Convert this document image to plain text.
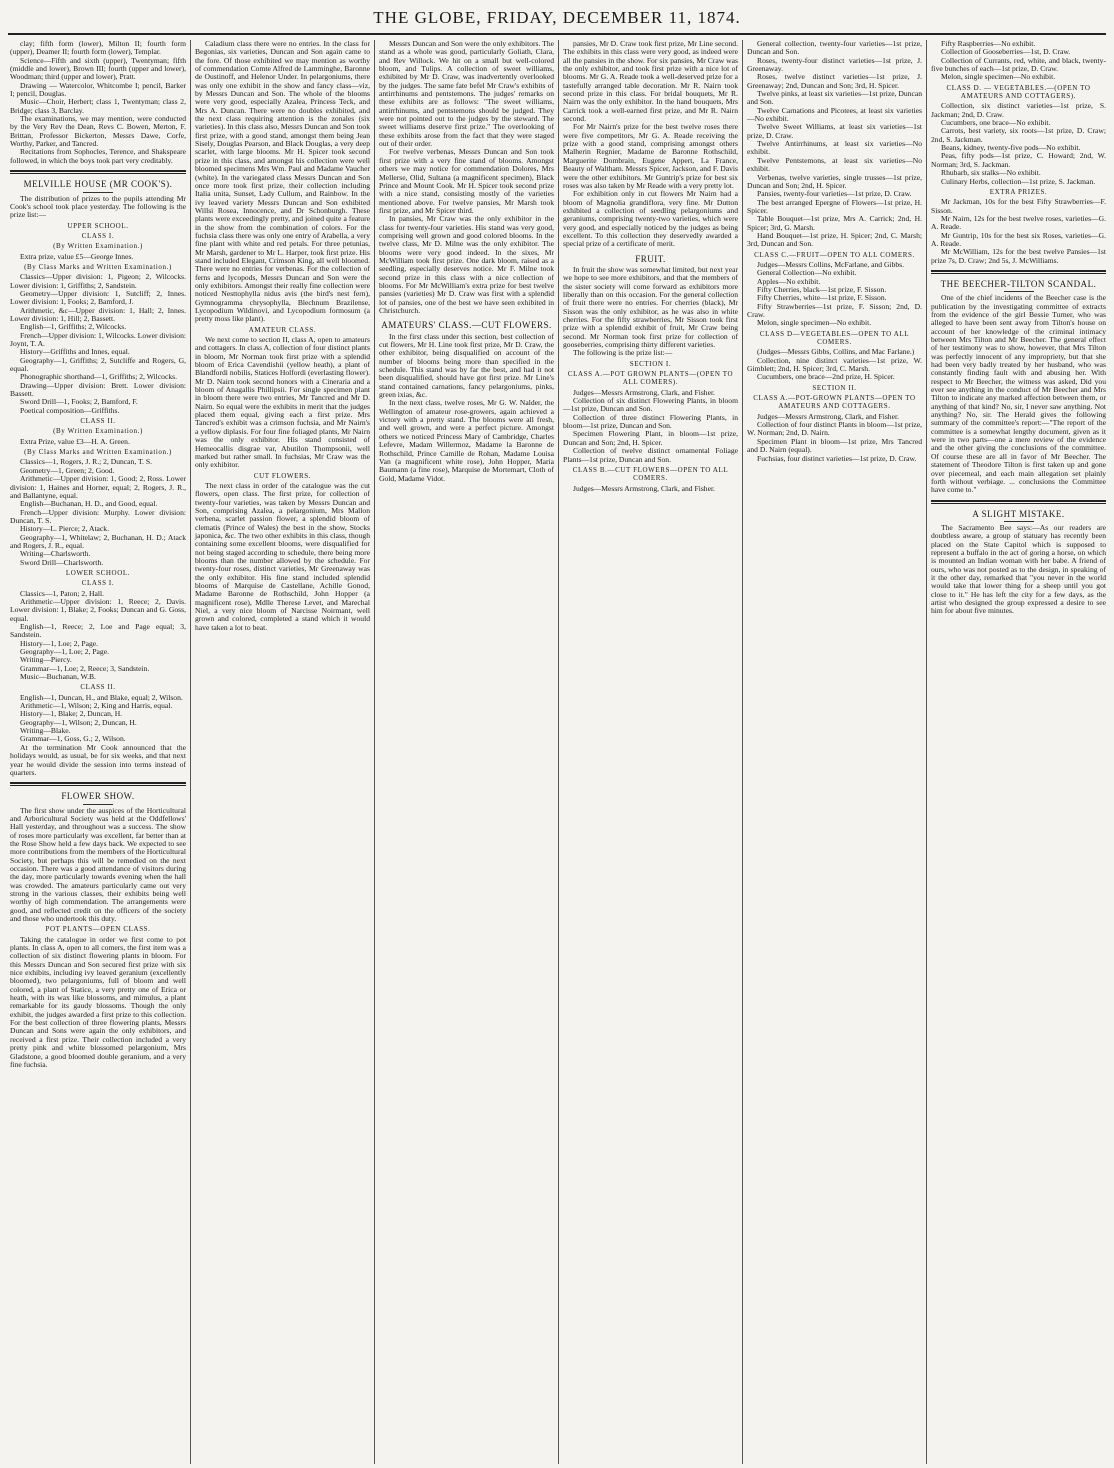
THE GLOBE, FRIDAY, DECEMBER 11, 1874.

clay; fifth form (lower), Milton II; fourth form (upper), Deamer II; fourth form (lower), Templar.

Science—Fifth and sixth (upper), Twentyman; fifth (middle and lower), Brown III; fourth (upper and lower), Woodman; third (upper and lower), Pratt.

Drawing — Watercolor, Whitcombe I; pencil, Barker I; pencil, Douglas.

Music—Choir, Herbert; class 1, Twentyman; class 2, Bridge; class 3, Barclay.

The examinations, we may mention, were conducted by the Very Rev the Dean, Revs C. Bowen, Merton, F. Brittan, Professor Bickerton, Messrs Dawe, Corfe, Worthy, Parker, and Tancred.

Recitations from Sophocles, Terence, and Shakspeare followed, in which the boys took part very creditably.

MELVILLE HOUSE (MR COOK'S).

The distribution of prizes to the pupils attending Mr Cook's school took place yesterday. The following is the prize list:—

UPPER SCHOOL.
CLASS I.
(By Written Examination.)

Extra prize, value £5—George Innes.

(By Class Marks and Written Examination.)

Classics—Upper division: 1, Pigeon; 2, Wilcocks. Lower division: 1, Griffiths; 2, Sandstein.

Geometry—Upper division: 1, Sutcliff; 2, Innes. Lower division: 1, Fooks; 2, Bamford, J.

Arithmetic, &c—Upper division: 1, Hall; 2, Innes. Lower division: 1, Hill; 2, Bassett.

English—1, Griffiths; 2, Wilcocks.

French—Upper division: 1, Wilcocks. Lower division: Joynt, T. A.

History—Griffiths and Innes, equal.

Geography—1, Griffiths; 2, Sutcliffe and Rogers, G, equal.

Phonographic shorthand—1, Griffiths; 2, Wilcocks.

Drawing—Upper division: Brett. Lower division: Bassett.

Sword Drill—1, Fooks; 2, Bamford, F.

Poetical composition—Griffiths.

CLASS II.
(By Written Examination.)

Extra Prize, value £3—H. A. Green.

(By Class Marks and Written Examination.)

Classics—1, Rogers, J. R.; 2, Duncan, T. S.

Geometry—1, Green; 2, Good.

Arithmetic—Upper division: 1, Good; 2, Ross. Lower division: 1, Haines and Horner, equal; 2, Rogers, J. R., and Ballantyne, equal.

English—Buchanan, H. D., and Good, equal.

French—Upper division: Murphy. Lower division: Duncan, T. S.

History—L. Pierce; 2, Atack.

Geography—1, Whitelaw; 2, Buchanan, H. D.; Atack and Rogers, J. R., equal.

Writing—Charlsworth.

Sword Drill—Charlsworth.

LOWER SCHOOL.
CLASS I.

Classics—1, Paton; 2, Hall.

Arithmetic—Upper division: 1, Reece; 2, Davis. Lower division: 1, Blake; 2, Fooks; Duncan and G. Goss, equal.

English—1, Reece; 2, Loe and Page equal; 3, Sandstein.

History—1, Loe; 2, Page.

Geography—1, Loe; 2, Page.

Writing—Piercy.

Grammar—1, Loe; 2, Reece; 3, Sandstein.

Music—Buchanan, W.B.

CLASS II.

English—1, Duncan, H., and Blake, equal; 2, Wilson.

Arithmetic—1, Wilson; 2, King and Harris, equal.

History—1, Blake; 2, Duncan, H.

Geography—1, Wilson; 2, Duncan, H.

Writing—Blake.

Grammar—1, Goss, G.; 2, Wilson.

At the termination Mr Cook announced that the holidays would, as usual, be for six weeks, and that next year he would divide the session into terms instead of quarters.

FLOWER SHOW.

The first show under the auspices of the Horticultural and Arboricultural Society was held at the Oddfellows' Hall yesterday, and throughout was a success. The show of roses more particularly was excellent, far better than at the Rose Show held a few days back. We expected to see more contributions from the members of the Horticultural Society, but perhaps this will be remedied on the next occasion. There was a good attendance of visitors during the day, more particularly towards evening when the hall was crowded. The amateurs particularly came out very strong in the various classes, their exhibits being well worthy of high commendation. The arrangements were good, and reflected credit on the officers of the society and those who undertook this duty.

POT PLANTS—OPEN CLASS.

Taking the catalogue in order we first come to pot plants. In class A, open to all comers, the first item was a collection of six distinct flowering plants in bloom. For this Messrs Duncan and Son secured first prize with six nice exhibits, including ivy leaved geranium (excellently bloomed), two pelargoniums, full of bloom and well colored, a plant of Statice, a very pretty one of Erica or heath, with its wax like blossoms, and mimulus, a plant remarkable for its gaudy blossoms. Though the only exhibit, the judges awarded a first prize to this collection. For the best collection of three flowering plants, Messrs Duncan and Sons were again the only exhibitors, and received a first prize. Their collection included a very pretty pink and white blossomed pelargonium, Mrs Gladstone, a good bloomed double geranium, and a very fine fuchsia.

Caladium class there were no entries. In the class for Begonias, six varieties, Duncan and Son again came to the fore. Of those exhibited we may mention as worthy of commendation Comte Alfred de Lamminghe, Baronne de Oustinoff, and Helenor Under. In pelargoniums, there was only one exhibit in the show and fancy class—viz, by Messrs Duncan and Son. The whole of the blooms were very good, especially Azalea, Princess Teck, and Mrs A. Duncan. There were no doubles exhibited, and the next class requiring attention is the zonales (six varieties). In this class also, Messrs Duncan and Son took first prize, with a good stand, amongst them being Jean Sisely, Douglas Pearson, and Black Douglas, a very deep scarlet, with large blooms. Mr H. Spicer took second prize in this class, and amongst his collection were well bloomed specimens Mrs Wm. Paul and Madame Vaucher (white). In the variegated class Messrs Duncan and Son once more took first prize, their collection including Italia unita, Sunset, Lady Cullum, and Rainbow. In the ivy leaved variety Messrs Duncan and Son exhibited Willsi Rosea, Innocence, and Dr Schonburgh. These plants were exceedingly pretty, and joined quite a feature in the show from the combination of colors. For the fuchsia class there was only one entry of Arabella, a very fine plant with white and red petals. For three petunias, Mr Marsh, gardener to Mr L. Harper, took first prize. His stand included Elegant, Crimson King, all well bloomed. There were no entries for verbenas. For the collection of ferns and lycopods, Messrs Duncan and Son were the only exhibitors. Amongst their really fine collection were noticed Nesttophylla nidus avis (the bird's nest fern), Gymnogramma chrysophylla, Blechnum Brazilense, Lycopodium Wildinovi, and Lycopodium formosum (a pretty moss like plant).

AMATEUR CLASS.

We next come to section II, class A, open to amateurs and cottagers. In class A, collection of four distinct plants in bloom, Mr Norman took first prize with a splendid bloom of Erica Cavendishii (yellow heath), a plant of Blandfordi nobilis, Statices Holfordi (everlasting flower). Mr D. Nairn took second honors with a Cineraria and a bloom of Anagallis Phillipsii. For single specimen plant in bloom there were two entries, Mr Tancred and Mr D. Nairn. So equal were the exhibits in merit that the judges placed them equal, giving each a first prize. Mrs Tancred's exhibit was a crimson fuchsia, and Mr Nairn's a yellow diplasis. For four fine foliaged plants, Mr Nairn was the only exhibitor. His stand consisted of Hemeocallis disgrae var, Abutilon Thompsonii, well marked but rather small. In fuchsias, Mr Craw was the only exhibitor.

CUT FLOWERS.

The next class in order of the catalogue was the cut flowers, open class. The first prize, for collection of twenty-four varieties, was taken by Messrs Duncan and Son, comprising Azalea, a pelargonium, Mrs Mallon verbena, scarlet passion flower, a splendid bloom of clematis (Prince of Wales) the best in the show, Stocks japonica, &c. The two other exhibits in this class, though containing some excellent blooms, were disqualified for not being staged according to schedule, there being more blooms than the number allowed by the schedule. For twenty-four roses, distinct varieties, Mr Greenaway was the only exhibitor. His fine stand included splendid blooms of Marquise de Castellane, Achille Gonod, Madame Baronne de Rothschild, John Hopper (a magnificent rose), Mdlle Therese Levet, and Marechal Niel, a very nice bloom of Narcisse Noirmant, well grown and colored, completed a stand which it would have taken a lot to beat.

Messrs Duncan and Son were the only exhibitors. The stand as a whole was good, particularly Goliath, Clara, and Rev Willock. We hit on a small but well-colored bloom, and Tulips. A collection of sweet williams, exhibited by Mr D. Craw, was inadvertently overlooked by the judges. The same fate befel Mr Craw's exhibits of antirrhinums and pentstemons. The judges' remarks on these exhibits are as follows: "The sweet williams, antirrhinums, and pentstemons should be judged. They were not pointed out to the judges by the steward. The sweet williams deserve first prize." The overlooking of these exhibits arose from the fact that they were staged out of their order.

For twelve verbenas, Messrs Duncan and Son took first prize with a very fine stand of blooms. Amongst others we may notice for commendation Dolores, Mrs Mellerse, Olid, Sultana (a magnificent specimen), Black Prince and Mount Cook. Mr H. Spicer took second prize with a nice stand, consisting mostly of the varieties mentioned above. For twelve pansies, Mr Marsh took first prize, and Mr Spicer third.

In pansies, Mr Craw was the only exhibitor in the class for twenty-four varieties. His stand was very good, comprising well grown and good colored blooms. In the twelve class, Mr D. Milne was the only exhibitor. The blooms were very good indeed. In the sixes, Mr McWilliam took first prize. One dark bloom, raised as a seedling, especially deserves notice. Mr F. Milne took second prize in this class with a nice collection of blooms. For Mr McWilliam's extra prize for best twelve pansies (varieties) Mr D. Craw was first with a splendid lot of pansies, one of the best we have seen exhibited in Christchurch.

AMATEURS' CLASS.—CUT FLOWERS.

In the first class under this section, best collection of cut flowers, Mr H. Line took first prize, Mr D. Craw, the other exhibitor, being disqualified on account of the number of blooms being more than specified in the schedule. This stand was by far the best, and had it not been disqualified, should have got first prize. Mr Line's stand contained carnations, fancy pelargoniums, pinks, green ixias, &c.

In the next class, twelve roses, Mr G. W. Nalder, the Wellington of amateur rose-growers, again achieved a victory with a pretty stand. The blooms were all fresh, and well grown, and were a perfect picture. Amongst others we noticed Princess Mary of Cambridge, Charles Lefevre, Madam Willermoz, Madame la Baronne de Rothschild, Prince Camille de Rohan, Madame Louisa Van (a magnificent white rose), John Hopper, Maria Baumann (a fine rose), Marquise de Mortemart, Cloth of Gold, Madame Vidot.

pansies, Mr D. Craw took first prize, Mr Line second. The exhibits in this class were very good, as indeed were all the pansies in the show. For six pansies, Mr Craw was the only exhibitor, and took first prize with a nice lot of blooms. Mr G. A. Reade took a well-deserved prize for a tastefully arranged table decoration. Mr R. Nairn took second prize in this class. For bridal bouquets, Mr R. Nairn was the only exhibitor. In the hand bouquets, Mrs Carrick took a well-earned first prize, and Mr R. Nairn second.

For Mr Nairn's prize for the best twelve roses there were five competitors, Mr G. A. Reade receiving the prize with a good stand, comprising amongst others Malherin Regnier, Madame de Baronne Rothschild, Marguerite Dombrain, Eugene Appert, La France, Beauty of Waltham. Messrs Spicer, Jackson, and F. Davis were the other exhibitors. Mr Guntrip's prize for best six roses was also taken by Mr Reade with a very pretty lot.

For exhibition only in cut flowers Mr Nairn had a bloom of Magnolia grandiflora, very fine. Mr Dutton exhibited a collection of seedling pelargoniums and geraniums, comprising twenty-two varieties, which were very good, and especially noticed by the judges as being excellent. To this collection they deservedly awarded a special prize of a certificate of merit.

FRUIT.

In fruit the show was somewhat limited, but next year we hope to see more exhibitors, and that the members of the sister society will come forward as exhibitors more liberally than on this occasion. For the general collection of fruit there were no entries. For cherries (black), Mr Sisson was the only exhibitor, as he was also in white cherries. For the fifty strawberries, Mr Sisson took first prize with a splendid exhibit of fruit, Mr Craw being second. Mr Norman took first prize for collection of gooseberries, comprising thirty different varieties.

The following is the prize list:—

SECTION I.
CLASS A.—POT GROWN PLANTS—(OPEN TO ALL COMERS).

Judges—Messrs Armstrong, Clark, and Fisher.

Collection of six distinct Flowering Plants, in bloom—1st prize, Duncan and Son.

Collection of three distinct Flowering Plants, in bloom—1st prize, Duncan and Son.

Specimen Flowering Plant, in bloom—1st prize, Duncan and Son; 2nd, H. Spicer.

Collection of twelve distinct ornamental Foliage Plants—1st prize, Duncan and Son.

CLASS B.—CUT FLOWERS—OPEN TO ALL COMERS.

Judges—Messrs Armstrong, Clark, and Fisher.

General collection, twenty-four varieties—1st prize, Duncan and Son.

Roses, twenty-four distinct varieties—1st prize, J. Greenaway.

Roses, twelve distinct varieties—1st prize, J. Greenaway; 2nd, Duncan and Son; 3rd, H. Spicer.

Twelve pinks, at least six varieties—1st prize, Duncan and Son.

Twelve Carnations and Picotees, at least six varieties—No exhibit.

Twelve Sweet Williams, at least six varieties—1st prize, D. Craw.

Twelve Antirrhinums, at least six varieties—No exhibit.

Twelve Pentstemons, at least six varieties—No exhibit.

Verbenas, twelve varieties, single trusses—1st prize, Duncan and Son; 2nd, H. Spicer.

Pansies, twenty-four varieties—1st prize, D. Craw.

The best arranged Epergne of Flowers—1st prize, H. Spicer.

Table Bouquet—1st prize, Mrs A. Carrick; 2nd, H. Spicer; 3rd, G. Marsh.

Hand Bouquet—1st prize, H. Spicer; 2nd, C. Marsh; 3rd, Duncan and Son.

CLASS C.—FRUIT—OPEN TO ALL COMERS.

Judges—Messrs Collins, McFarlane, and Gibbs.

General Collection—No exhibit.

Apples—No exhibit.

Fifty Cherries, black—1st prize, F. Sisson.

Fifty Cherries, white—1st prize, F. Sisson.

Fifty Strawberries—1st prize, F. Sisson; 2nd, D. Craw.

Melon, single specimen—No exhibit.

CLASS D—VEGETABLES—OPEN TO ALL COMERS.

(Judges—Messrs Gibbs, Collins, and Mac Farlane.)

Collection, nine distinct varieties—1st prize, W. Gimblett; 2nd, H. Spicer; 3rd, C. Marsh.

Cucumbers, one brace—2nd prize, H. Spicer.

SECTION II.
CLASS A.—POT-GROWN PLANTS—OPEN TO AMATEURS AND COTTAGERS.

Judges—Messrs Armstrong, Clark, and Fisher.

Collection of four distinct Plants in bloom—1st prize, W. Norman; 2nd, D. Nairn.

Specimen Plant in bloom—1st prize, Mrs Tancred and D. Nairn (equal).

Fuchsias, four distinct varieties—1st prize, D. Craw.

Fifty Raspberries—No exhibit.

Collection of Gooseberries—1st, D. Craw.

Collection of Currants, red, white, and black, twenty-five bunches of each—1st prize, D. Craw.

Melon, single specimen—No exhibit.

CLASS D. — VEGETABLES.—(OPEN TO AMATEURS AND COTTAGERS).

Collection, six distinct varieties—1st prize, S. Jackman; 2nd, D. Craw.

Cucumbers, one brace—No exhibit.

Carrots, best variety, six roots—1st prize, D. Craw; 2nd, S. Jackman.

Beans, kidney, twenty-five pods—No exhibit.

Peas, fifty pods—1st prize, C. Howard; 2nd, W. Norman; 3rd, S. Jackman.

Rhubarb, six stalks—No exhibit.

Culinary Herbs, collection—1st prize, S. Jackman.

EXTRA PRIZES.

Mr Jackman, 10s for the best Fifty Strawberries—F. Sisson.

Mr Nairn, 12s for the best twelve roses, varieties—G. A. Reade.

Mr Guntrip, 10s for the best six Roses, varieties—G. A. Reade.

Mr McWilliam, 12s for the best twelve Pansies—1st prize 7s, D. Craw; 2nd 5s, J. McWilliams.

THE BEECHER-TILTON SCANDAL.

One of the chief incidents of the Beecher case is the publication by the investigating committee of extracts from the evidence of the girl Bessie Turner, who was alleged to have been sent away from Tilton's house on account of her knowledge of the criminal intimacy between Mrs Tilton and Mr Beecher. The general effect of her testimony was to show, however, that Mrs Tilton was perfectly innocent of any impropriety, but that she had been very badly treated by her husband, who was constantly finding fault with and abusing her. With respect to Mr Beecher, the witness was asked, Did you ever see anything in the conduct of Mr Beecher and Mrs Tilton to indicate any marked affection between them, or anything of that kind? No, sir, I never saw anything. Not anything? No, sir. The Herald gives the following summary of the committee's report:—"The report of the committee is a somewhat lengthy document, given as it were in two parts—one a mere review of the evidence and the other giving the conclusions of the committee. Of course these are all in favor of Mr Beecher. The statement of Theodore Tilton is first taken up and gone over piecemeal, and each main allegation set plainly forth without verbiage. ... conclusions the Committee have come to."

A SLIGHT MISTAKE.

The Sacramento Bee says:—As our readers are doubtless aware, a group of statuary has recently been placed on the State Capitol which is supposed to represent a buffalo in the act of goring a horse, on which is mounted an Indian woman with her babe. A friend of ours, who was not posted as to the design, in speaking of it the other day, remarked that "you never in the world would take that lower thing for a sheep until you got close to it." He has left the city for a few days, as the artist who designed the group expressed a desire to see him for about five minutes.
